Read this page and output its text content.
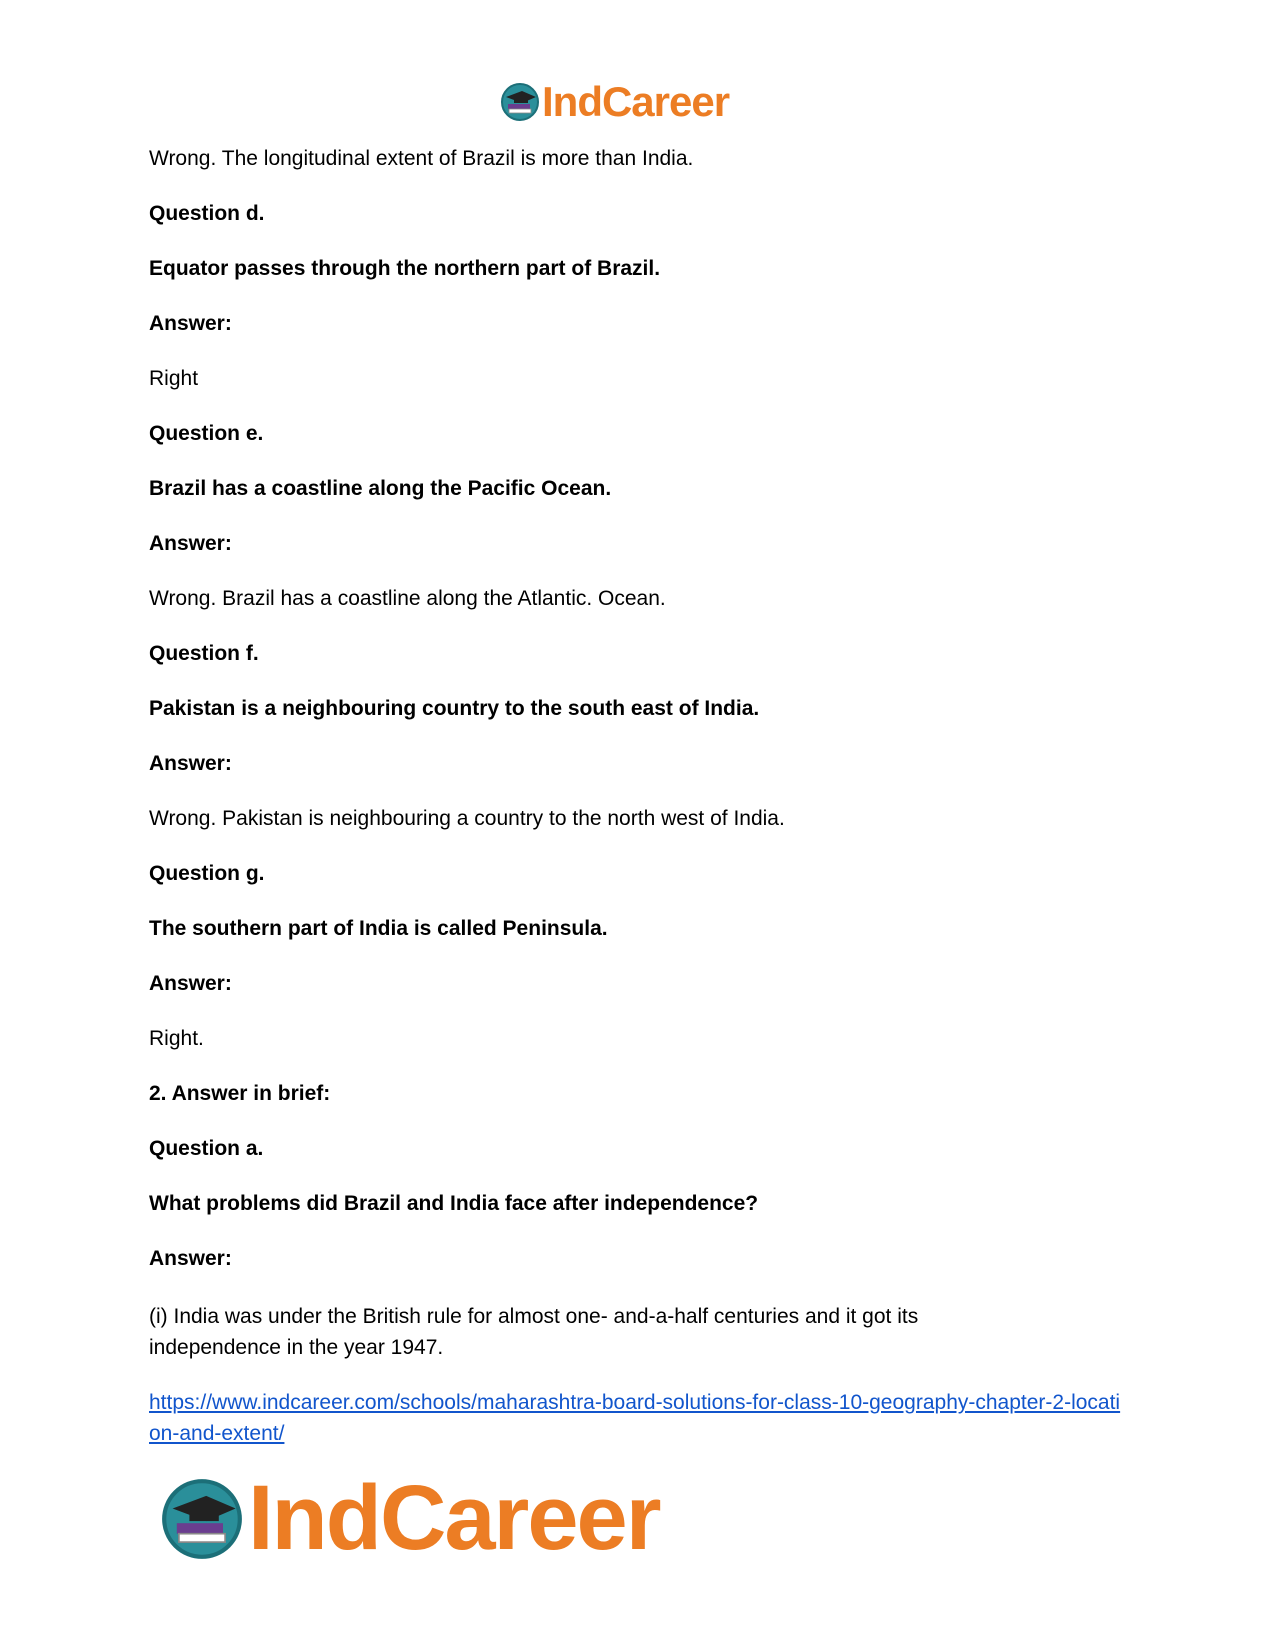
IndCareer
Wrong. The longitudinal extent of Brazil is more than India.
Question d.
Equator passes through the northern part of Brazil.
Answer:
Right
Question e.
Brazil has a coastline along the Pacific Ocean.
Answer:
Wrong. Brazil has a coastline along the Atlantic. Ocean.
Question f.
Pakistan is a neighbouring country to the south east of India.
Answer:
Wrong. Pakistan is neighbouring a country to the north west of India.
Question g.
The southern part of India is called Peninsula.
Answer:
Right.
2. Answer in brief:
Question a.
What problems did Brazil and India face after independence?
Answer:
(i) India was under the British rule for almost one- and-a-half centuries and it got its independence in the year 1947.
https://www.indcareer.com/schools/maharashtra-board-solutions-for-class-10-geography-chapter-2-location-and-extent/
IndCareer
